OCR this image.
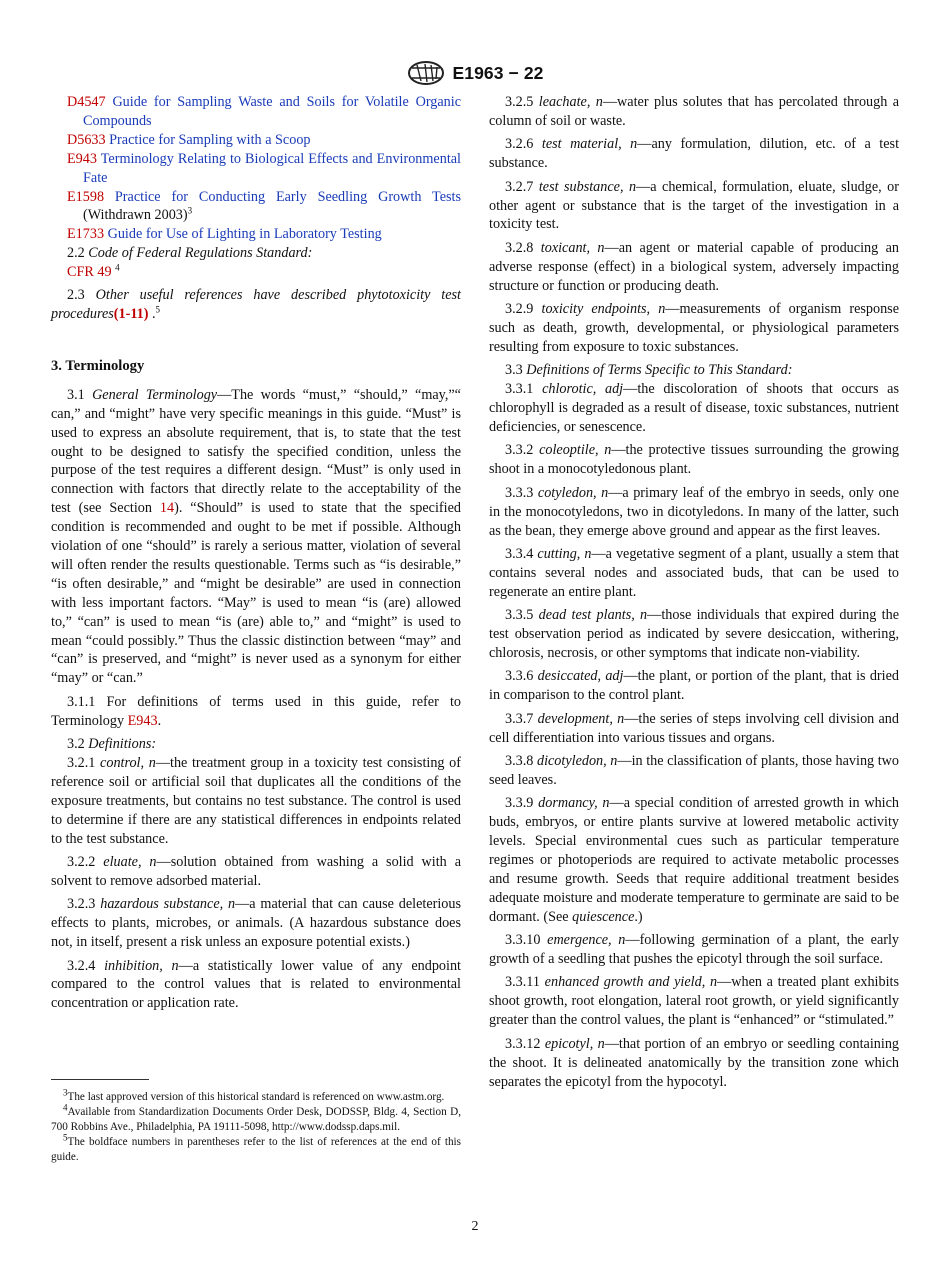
E1963 − 22

D4547 Guide for Sampling Waste and Soils for Volatile Organic Compounds

D5633 Practice for Sampling with a Scoop

E943 Terminology Relating to Biological Effects and Environmental Fate

E1598 Practice for Conducting Early Seedling Growth Tests (Withdrawn 2003)$^3$

E1733 Guide for Use of Lighting in Laboratory Testing

2.2 Code of Federal Regulations Standard:

CFR 49 $^4$

2.3 Other useful references have described phytotoxicity test procedures(1-11) .$^5$

3. Terminology

3.1 General Terminology—The words “must,” “should,” “may,”“ can,” and “might” have very specific meanings in this guide. “Must” is used to express an absolute requirement, that is, to state that the test ought to be designed to satisfy the specified condition, unless the purpose of the test requires a different design. “Must” is only used in connection with factors that directly relate to the acceptability of the test (see Section 14). “Should” is used to state that the specified condition is recommended and ought to be met if possible. Although violation of one “should” is rarely a serious matter, violation of several will often render the results questionable. Terms such as “is desirable,” “is often desirable,” and “might be desirable” are used in connection with less important factors. “May” is used to mean “is (are) allowed to,” “can” is used to mean “is (are) able to,” and “might” is used to mean “could possibly.” Thus the classic distinction between “may” and “can” is preserved, and “might” is never used as a synonym for either “may” or “can.”

3.1.1 For definitions of terms used in this guide, refer to Terminology E943.

3.2 Definitions:

3.2.1 control, n—the treatment group in a toxicity test consisting of reference soil or artificial soil that duplicates all the conditions of the exposure treatments, but contains no test substance. The control is used to determine if there are any statistical differences in endpoints related to the test substance.

3.2.2 eluate, n—solution obtained from washing a solid with a solvent to remove adsorbed material.

3.2.3 hazardous substance, n—a material that can cause deleterious effects to plants, microbes, or animals. (A hazardous substance does not, in itself, present a risk unless an exposure potential exists.)

3.2.4 inhibition, n—a statistically lower value of any endpoint compared to the control values that is related to environmental concentration or application rate.

$^3$The last approved version of this historical standard is referenced on www.astm.org.

$^4$Available from Standardization Documents Order Desk, DODSSP, Bldg. 4, Section D, 700 Robbins Ave., Philadelphia, PA 19111-5098, http://www.dodssp.daps.mil.

$^5$The boldface numbers in parentheses refer to the list of references at the end of this guide.

3.2.5 leachate, n—water plus solutes that has percolated through a column of soil or waste.

3.2.6 test material, n—any formulation, dilution, etc. of a test substance.

3.2.7 test substance, n—a chemical, formulation, eluate, sludge, or other agent or substance that is the target of the investigation in a toxicity test.

3.2.8 toxicant, n—an agent or material capable of producing an adverse response (effect) in a biological system, adversely impacting structure or function or producing death.

3.2.9 toxicity endpoints, n—measurements of organism response such as death, growth, developmental, or physiological parameters resulting from exposure to toxic substances.

3.3 Definitions of Terms Specific to This Standard:

3.3.1 chlorotic, adj—the discoloration of shoots that occurs as chlorophyll is degraded as a result of disease, toxic substances, nutrient deficiencies, or senescence.

3.3.2 coleoptile, n—the protective tissues surrounding the growing shoot in a monocotyledonous plant.

3.3.3 cotyledon, n—a primary leaf of the embryo in seeds, only one in the monocotyledons, two in dicotyledons. In many of the latter, such as the bean, they emerge above ground and appear as the first leaves.

3.3.4 cutting, n—a vegetative segment of a plant, usually a stem that contains several nodes and associated buds, that can be used to regenerate an entire plant.

3.3.5 dead test plants, n—those individuals that expired during the test observation period as indicated by severe desiccation, withering, chlorosis, necrosis, or other symptoms that indicate non-viability.

3.3.6 desiccated, adj—the plant, or portion of the plant, that is dried in comparison to the control plant.

3.3.7 development, n—the series of steps involving cell division and cell differentiation into various tissues and organs.

3.3.8 dicotyledon, n—in the classification of plants, those having two seed leaves.

3.3.9 dormancy, n—a special condition of arrested growth in which buds, embryos, or entire plants survive at lowered metabolic activity levels. Special environmental cues such as particular temperature regimes or photoperiods are required to activate metabolic processes and resume growth. Seeds that require additional treatment besides adequate moisture and moderate temperature to germinate are said to be dormant. (See quiescence.)

3.3.10 emergence, n—following germination of a plant, the early growth of a seedling that pushes the epicotyl through the soil surface.

3.3.11 enhanced growth and yield, n—when a treated plant exhibits shoot growth, root elongation, lateral root growth, or yield significantly greater than the control values, the plant is “enhanced” or “stimulated.”

3.3.12 epicotyl, n—that portion of an embryo or seedling containing the shoot. It is delineated anatomically by the transition zone which separates the epicotyl from the hypocotyl.

2
